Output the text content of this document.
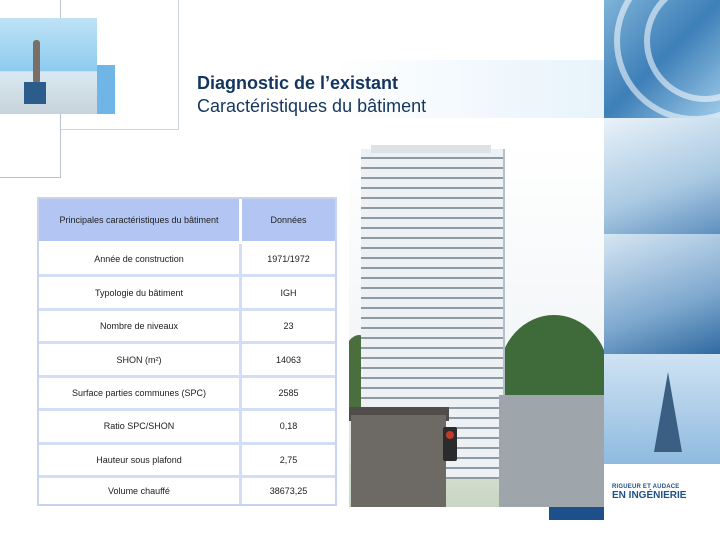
Diagnostic de l’existant
Caractéristiques du bâtiment
RIGUEUR ET AUDACE
EN INGÉNIERIE
Principales caractéristiques du bâtiment	Données
Année de construction	1971/1972
Typologie du bâtiment	IGH
Nombre de niveaux	23
SHON (m²)	14063
Surface parties communes (SPC)	2585
Ratio SPC/SHON	0,18
Hauteur sous plafond	2,75
Volume chauffé	38673,25
